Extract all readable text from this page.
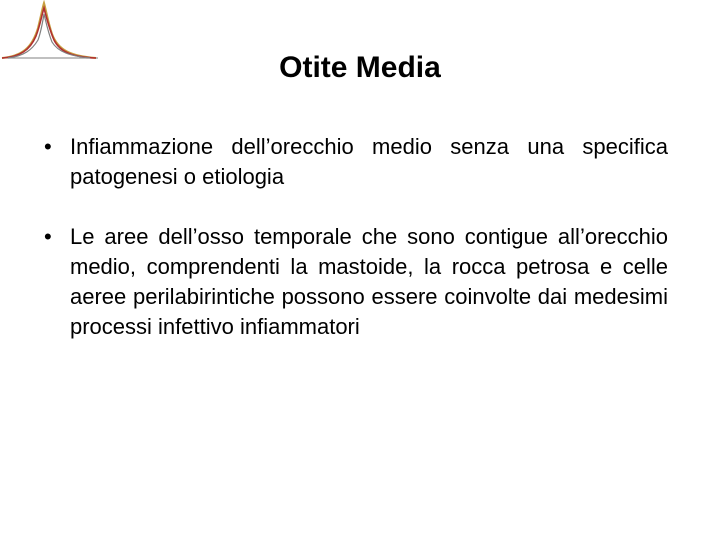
Otite Media
• Infiammazione dell’orecchio medio senza una specifica patogenesi o etiologia
• Le aree dell’osso temporale che sono contigue all’orecchio medio, comprendenti la mastoide, la rocca petrosa e celle aeree perilabirintiche possono essere coinvolte dai medesimi processi infettivo infiammatori
